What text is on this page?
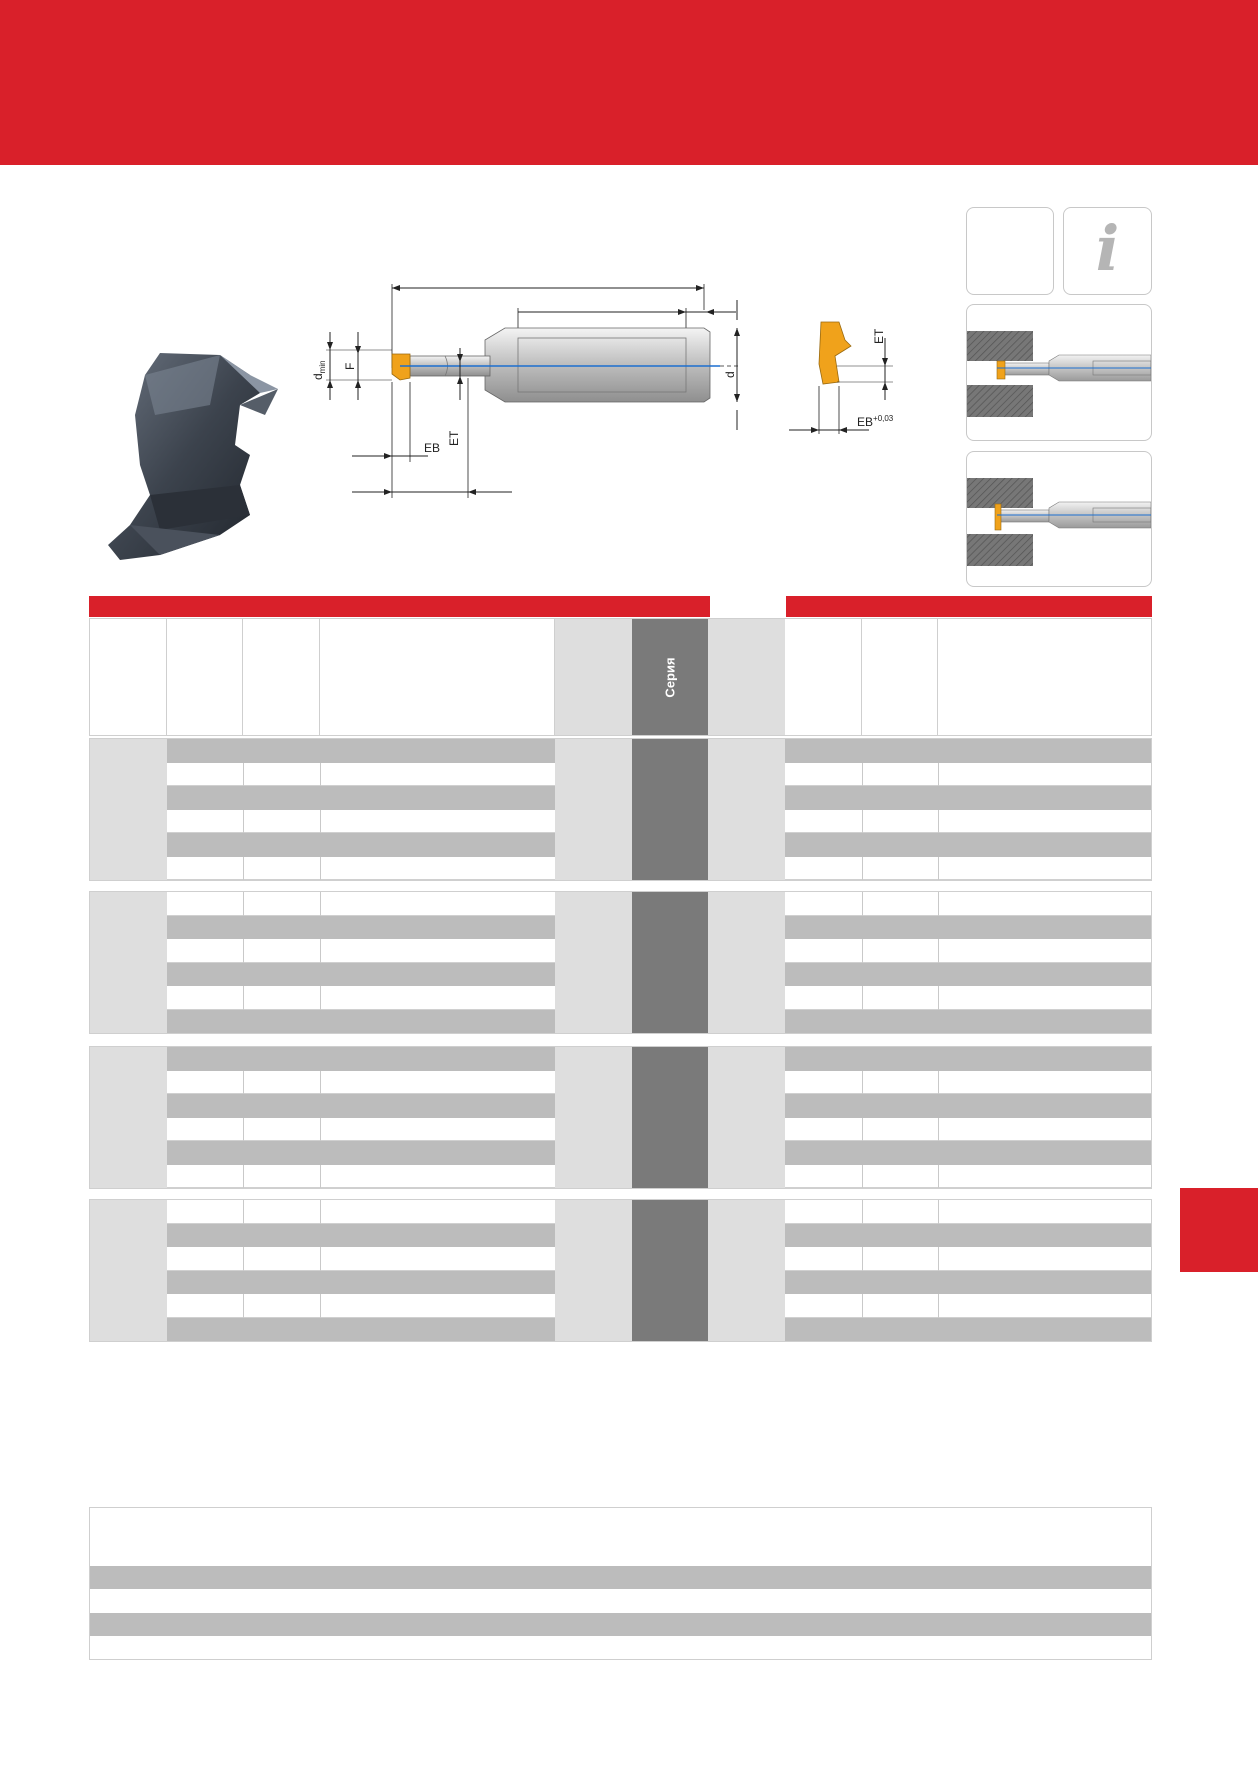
d
$d_{min}$ F
ET
EB
ET
$EB^{+0,03}$
i
Серия
